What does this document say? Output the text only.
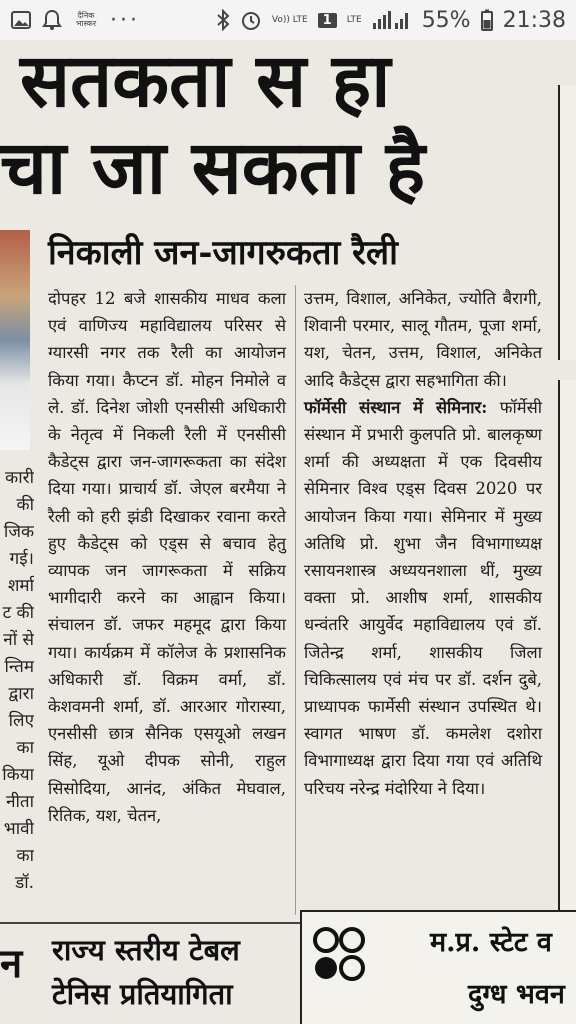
दैनिक भास्कर ···	Vo)) LTE	1	LTE	55% 21:38
सतकता स हा
चा जा सकता है
कारी
की
जिक
गई।
शर्मा
ट की
नों से
न्तिम
द्वारा
लिए
का
किया
नीता
भावी
का
डॉ.
निकाली जन-जागरुकता रैली

दोपहर 12 बजे शासकीय माधव कला एवं वाणिज्य महाविद्यालय परिसर से ग्यारसी नगर तक रैली का आयोजन किया गया। कैप्टन डॉ. मोहन निमोले व ले. डॉ. दिनेश जोशी एनसीसी अधिकारी के नेतृत्व में निकली रैली में एनसीसी कैडेट्स द्वारा जन-जागरूकता का संदेश दिया गया। प्राचार्य डॉ. जेएल बरमैया ने रैली को हरी झंडी दिखाकर रवाना करते हुए कैडेट्स को एड्स से बचाव हेतु व्यापक जन जागरूकता में सक्रिय भागीदारी करने का आह्वान किया। संचालन डॉ. जफर महमूद द्वारा किया गया। कार्यक्रम में कॉलेज के प्रशासनिक अधिकारी डॉ. विक्रम वर्मा, डॉ. केशवमनी शर्मा, डॉ. आरआर गोरास्या, एनसीसी छात्र सैनिक एसयूओ लखन सिंह, यूओ दीपक सोनी, राहुल सिसोदिया, आनंद, अंकित मेघवाल, रितिक, यश, चेतन,

उत्तम, विशाल, अनिकेत, ज्योति बैरागी, शिवानी परमार, सालू गौतम, पूजा शर्मा, यश, चेतन, उत्तम, विशाल, अनिकेत आदि कैडेट्स द्वारा सहभागिता की।

फॉर्मेसी संस्थान में सेमिनार: फॉर्मेसी संस्थान में प्रभारी कुलपति प्रो. बालकृष्ण शर्मा की अध्यक्षता में एक दिवसीय सेमिनार विश्व एड्स दिवस 2020 पर आयोजन किया गया। सेमिनार में मुख्य अतिथि प्रो. शुभा जैन विभागाध्यक्ष रसायनशास्त्र अध्ययनशाला थीं, मुख्य वक्ता प्रो. आशीष शर्मा, शासकीय धन्वंतरि आयुर्वेद महाविद्यालय एवं डॉ. जितेन्द्र शर्मा, शासकीय जिला चिकित्सालय एवं मंच पर डॉ. दर्शन दुबे, प्राध्यापक फार्मेसी संस्थान उपस्थित थे। स्वागत भाषण डॉ. कमलेश दशोरा विभागाध्यक्ष द्वारा दिया गया एवं अतिथि परिचय नरेन्द्र मंदोरिया ने दिया।

न राज्य स्तरीय टेबल
टेनिस प्रतियागिता
म.प्र. स्टेट व
दुग्ध भवन
